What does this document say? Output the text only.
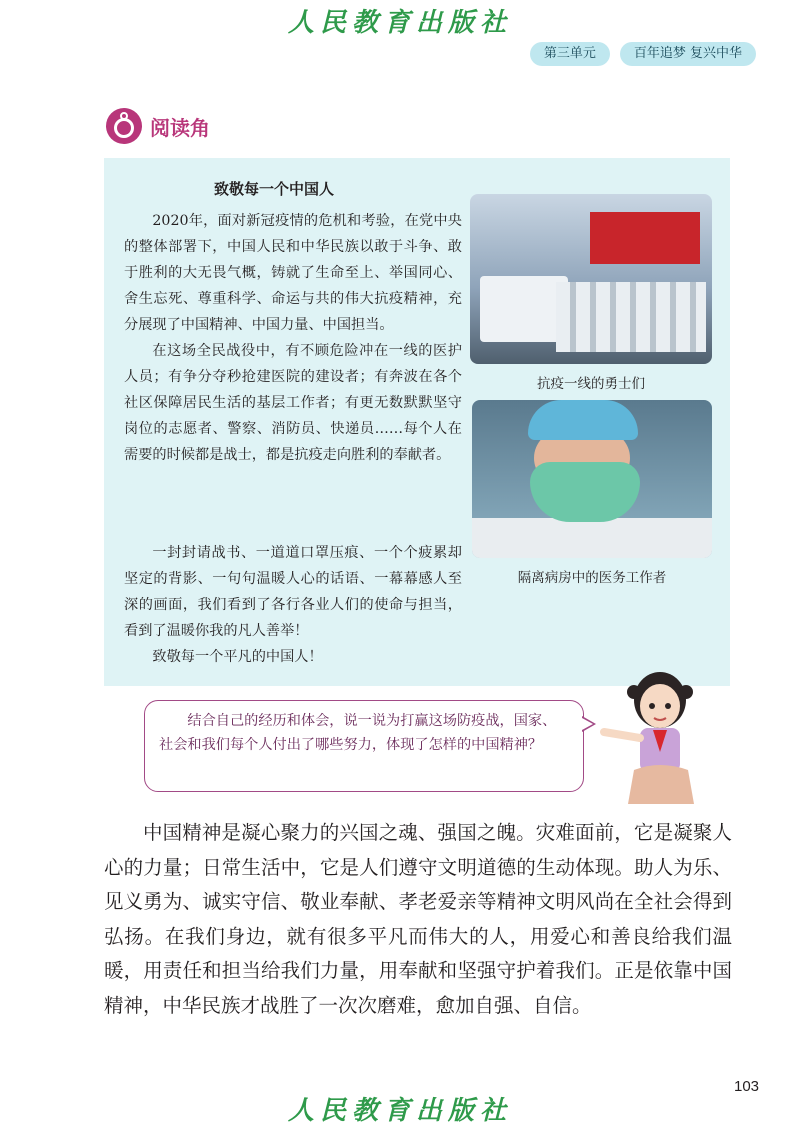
人民教育出版社
第三单元	百年追梦 复兴中华
阅读角
致敬每一个中国人

2020年，面对新冠疫情的危机和考验，在党中央的整体部署下，中国人民和中华民族以敢于斗争、敢于胜利的大无畏气概，铸就了生命至上、举国同心、舍生忘死、尊重科学、命运与共的伟大抗疫精神，充分展现了中国精神、中国力量、中国担当。

在这场全民战役中，有不顾危险冲在一线的医护人员；有争分夺秒抢建医院的建设者；有奔波在各个社区保障居民生活的基层工作者；有更无数默默坚守岗位的志愿者、警察、消防员、快递员……每个人在需要的时候都是战士，都是抗疫走向胜利的奉献者。

一封封请战书、一道道口罩压痕、一个个疲累却坚定的背影、一句句温暖人心的话语、一幕幕感人至深的画面，我们看到了各行各业人们的使命与担当，看到了温暖你我的凡人善举！

致敬每一个平凡的中国人！

抗疫一线的勇士们
隔离病房中的医务工作者

结合自己的经历和体会，说一说为打赢这场防疫战，国家、社会和我们每个人付出了哪些努力，体现了怎样的中国精神？

中国精神是凝心聚力的兴国之魂、强国之魄。灾难面前，它是凝聚人心的力量；日常生活中，它是人们遵守文明道德的生动体现。助人为乐、见义勇为、诚实守信、敬业奉献、孝老爱亲等精神文明风尚在全社会得到弘扬。在我们身边，就有很多平凡而伟大的人，用爱心和善良给我们温暖，用责任和担当给我们力量，用奉献和坚强守护着我们。正是依靠中国精神，中华民族才战胜了一次次磨难，愈加自强、自信。

103
人民教育出版社
